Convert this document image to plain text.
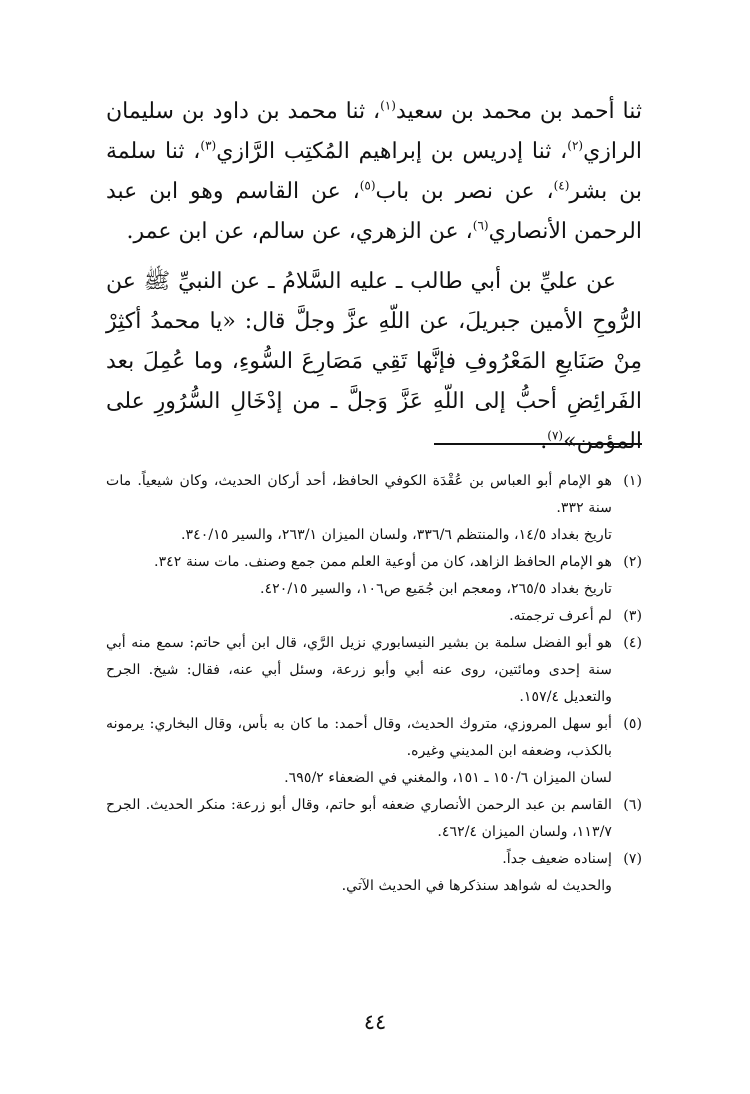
ثنا أحمد بن محمد بن سعيد$^{(١)}$، ثنا محمد بن داود بن سليمان الرازي$^{(٢)}$، ثنا إدريس بن إبراهيم المُكتِب الرَّازي$^{(٣)}$، ثنا سلمة بن بشر$^{(٤)}$، عن نصر بن باب$^{(٥)}$، عن القاسم وهو ابن عبد الرحمن الأنصاري$^{(٦)}$، عن الزهري، عن سالم، عن ابن عمر.

عن عليِّ بن أبي طالب ـ عليه السَّلامُ ـ عن النبيِّ ﷺ عن الرُّوحِ الأمين جبريلَ، عن اللّهِ عزَّ وجلَّ قال: «يا محمدُ أكثِرْ مِنْ صَنَايعِ المَعْرُوفِ فإنَّها تَقِي مَصَارِعَ السُّوءِ، وما عُمِلَ بعد الفَرائِضِ أحبُّ إلى اللّهِ عَزَّ وَجلَّ ـ من إدْخَالِ السُّرُورِ على المؤمن»$^{(٧)}$.

(١)
هو الإمام أبو العباس بن عُقْدَة الكوفي الحافظ، أحد أركان الحديث، وكان شيعياً. مات سنة ٣٣٢.
تاريخ بغداد ١٤/٥، والمنتظم ٣٣٦/٦، ولسان الميزان ٢٦٣/١، والسير ٣٤٠/١٥.
(٢)
هو الإمام الحافظ الزاهد، كان من أوعية العلم ممن جمع وصنف. مات سنة ٣٤٢.
تاريخ بغداد ٢٦٥/٥، ومعجم ابن جُمَيع ص١٠٦، والسير ٤٢٠/١٥.
(٣)
لم أعرف ترجمته.
(٤)
هو أبو الفضل سلمة بن بشير النيسابوري نزيل الرَّي، قال ابن أبي حاتم: سمع منه أبي سنة إحدى ومائتين، روى عنه أبي وأبو زرعة، وسئل أبي عنه، فقال: شيخ. الجرح والتعديل ١٥٧/٤.
(٥)
أبو سهل المروزي، متروك الحديث، وقال أحمد: ما كان به بأس، وقال البخاري: يرمونه بالكذب، وضعفه ابن المديني وغيره.
لسان الميزان ١٥٠/٦ ـ ١٥١، والمغني في الضعفاء ٦٩٥/٢.
(٦)
القاسم بن عبد الرحمن الأنصاري ضعفه أبو حاتم، وقال أبو زرعة: منكر الحديث. الجرح ١١٣/٧، ولسان الميزان ٤٦٢/٤.
(٧)
إسناده ضعيف جداً.
والحديث له شواهد سنذكرها في الحديث الآتي.
٤٤
